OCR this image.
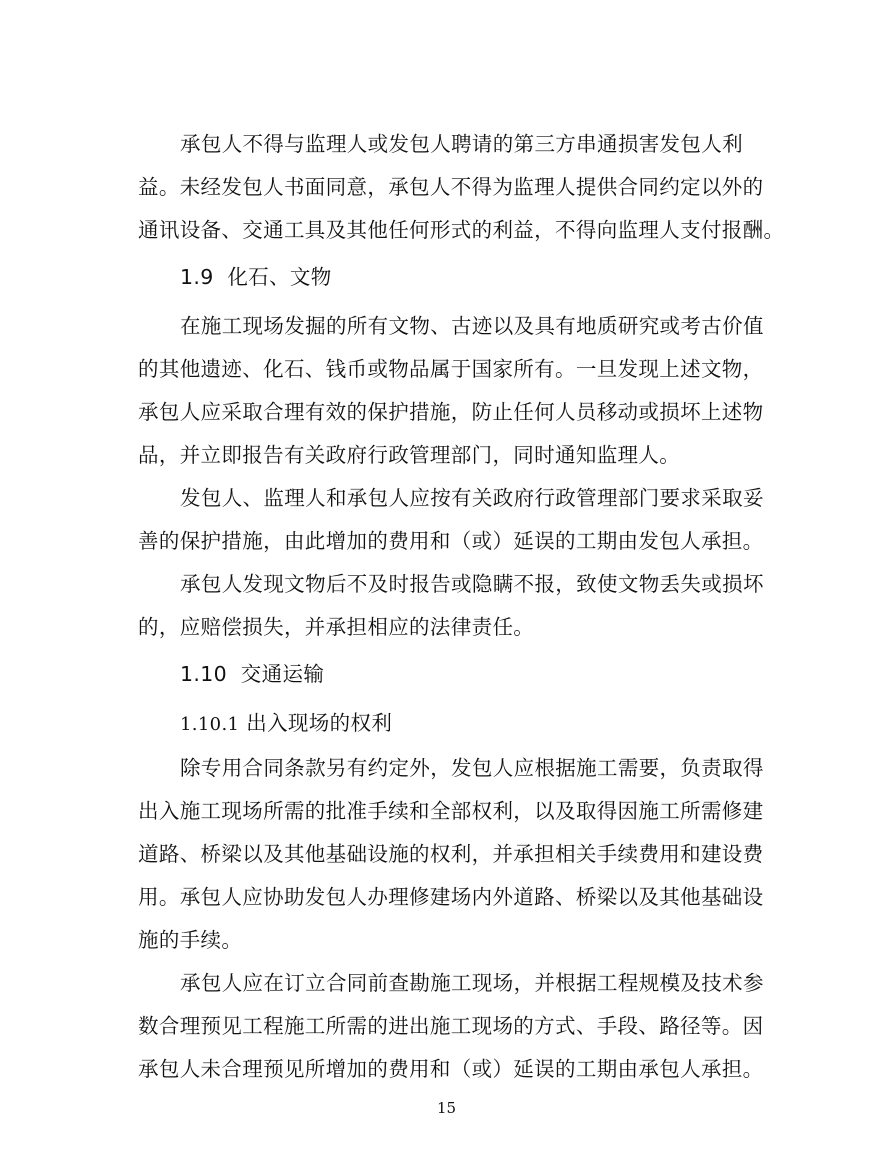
承包人不得与监理人或发包人聘请的第三方串通损害发包人利
益。未经发包人书面同意，承包人不得为监理人提供合同约定以外的
通讯设备、交通工具及其他任何形式的利益，不得向监理人支付报酬。
1.9  化石、文物
在施工现场发掘的所有文物、古迹以及具有地质研究或考古价值
的其他遗迹、化石、钱币或物品属于国家所有。一旦发现上述文物，
承包人应采取合理有效的保护措施，防止任何人员移动或损坏上述物
品，并立即报告有关政府行政管理部门，同时通知监理人。
发包人、监理人和承包人应按有关政府行政管理部门要求采取妥
善的保护措施，由此增加的费用和（或）延误的工期由发包人承担。
承包人发现文物后不及时报告或隐瞒不报，致使文物丢失或损坏
的，应赔偿损失，并承担相应的法律责任。
1.10  交通运输
1.10.1 出入现场的权利
除专用合同条款另有约定外，发包人应根据施工需要，负责取得
出入施工现场所需的批准手续和全部权利，以及取得因施工所需修建
道路、桥梁以及其他基础设施的权利，并承担相关手续费用和建设费
用。承包人应协助发包人办理修建场内外道路、桥梁以及其他基础设
施的手续。
承包人应在订立合同前查勘施工现场，并根据工程规模及技术参
数合理预见工程施工所需的进出施工现场的方式、手段、路径等。因
承包人未合理预见所增加的费用和（或）延误的工期由承包人承担。
15
